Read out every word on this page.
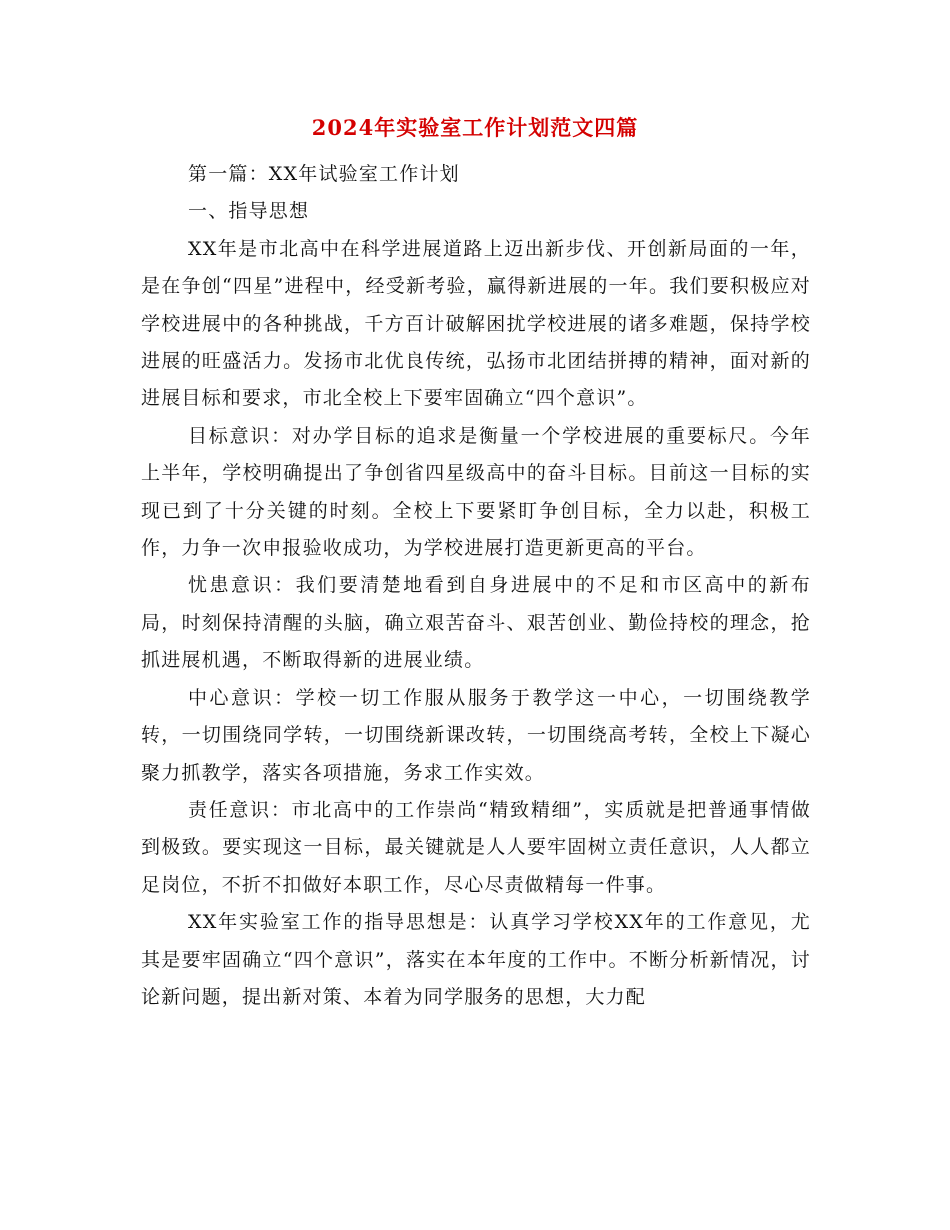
2024年实验室工作计划范文四篇

第一篇：XX年试验室工作计划

一、指导思想

XX年是市北高中在科学进展道路上迈出新步伐、开创新局面的一年，是在争创“四星”进程中，经受新考验，赢得新进展的一年。我们要积极应对学校进展中的各种挑战，千方百计破解困扰学校进展的诸多难题，保持学校进展的旺盛活力。发扬市北优良传统，弘扬市北团结拼搏的精神，面对新的进展目标和要求，市北全校上下要牢固确立“四个意识”。

目标意识：对办学目标的追求是衡量一个学校进展的重要标尺。今年上半年，学校明确提出了争创省四星级高中的奋斗目标。目前这一目标的实现已到了十分关键的时刻。全校上下要紧盯争创目标，全力以赴，积极工作，力争一次申报验收成功，为学校进展打造更新更高的平台。

忧患意识：我们要清楚地看到自身进展中的不足和市区高中的新布局，时刻保持清醒的头脑，确立艰苦奋斗、艰苦创业、勤俭持校的理念，抢抓进展机遇，不断取得新的进展业绩。

中心意识：学校一切工作服从服务于教学这一中心，一切围绕教学转，一切围绕同学转，一切围绕新课改转，一切围绕高考转，全校上下凝心聚力抓教学，落实各项措施，务求工作实效。

责任意识：市北高中的工作崇尚“精致精细”，实质就是把普通事情做到极致。要实现这一目标，最关键就是人人要牢固树立责任意识，人人都立足岗位，不折不扣做好本职工作，尽心尽责做精每一件事。

XX年实验室工作的指导思想是：认真学习学校XX年的工作意见，尤其是要牢固确立“四个意识”，落实在本年度的工作中。不断分析新情况，讨论新问题，提出新对策、本着为同学服务的思想，大力配
